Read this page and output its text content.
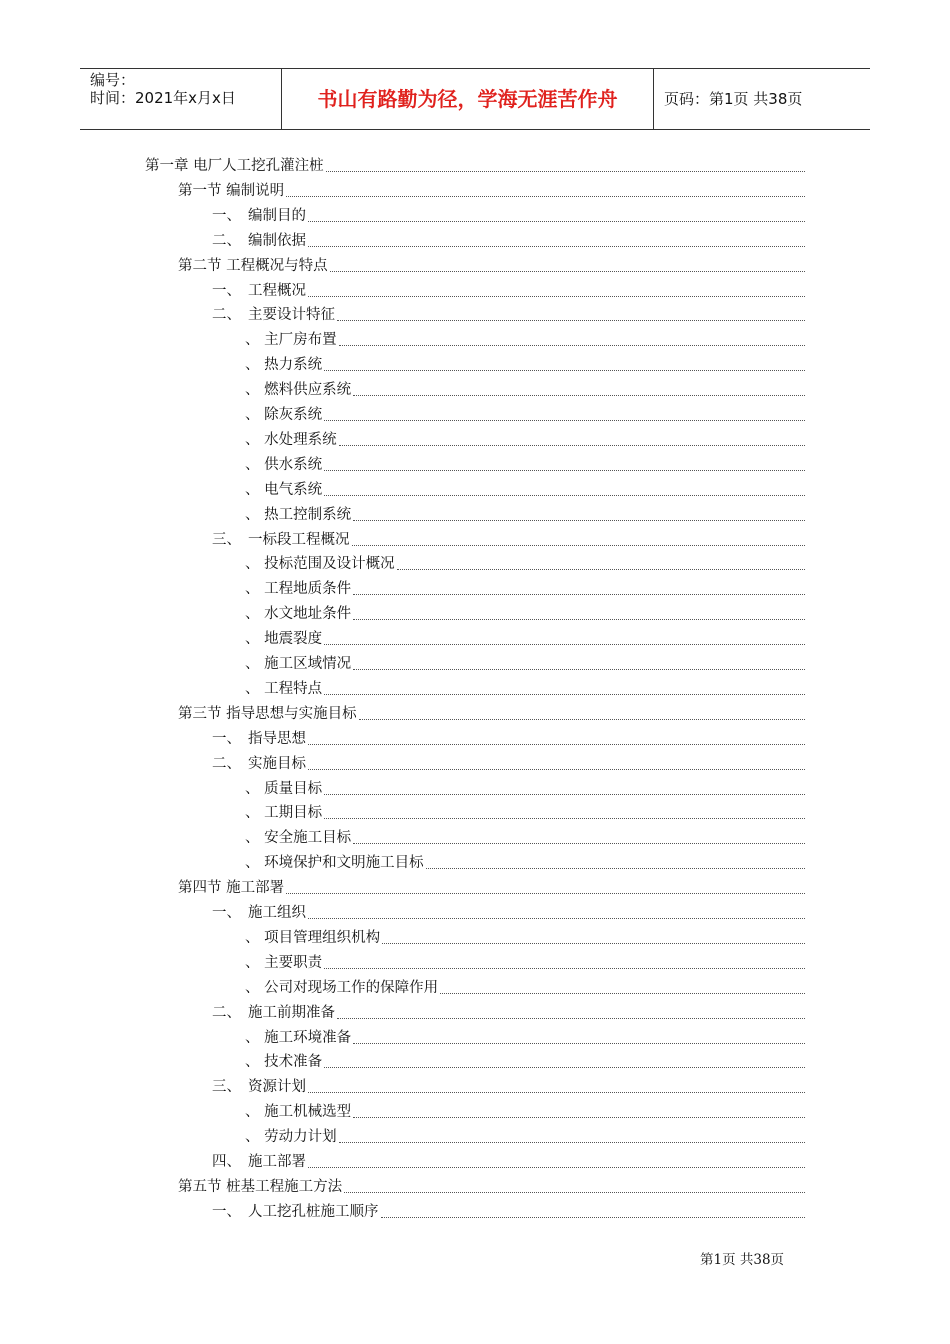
编号：
时间：2021年x月x日	书山有路勤为径，学海无涯苦作舟	页码：第1页 共38页
第一章 电厂人工挖孔灌注桩
第一节 编制说明
一、 编制目的
二、 编制依据
第二节 工程概况与特点
一、 工程概况
二、 主要设计特征
、 主厂房布置
、 热力系统
、 燃料供应系统
、 除灰系统
、 水处理系统
、 供水系统
、 电气系统
、 热工控制系统
三、 一标段工程概况
、 投标范围及设计概况
、 工程地质条件
、 水文地址条件
、 地震裂度
、 施工区域情况
、 工程特点
第三节 指导思想与实施目标
一、 指导思想
二、 实施目标
、 质量目标
、 工期目标
、 安全施工目标
、 环境保护和文明施工目标
第四节 施工部署
一、 施工组织
、 项目管理组织机构
、 主要职责
、 公司对现场工作的保障作用
二、 施工前期准备
、 施工环境准备
、 技术准备
三、 资源计划
、 施工机械选型
、 劳动力计划
四、 施工部署
第五节 桩基工程施工方法
一、 人工挖孔桩施工顺序
第1页 共38页
